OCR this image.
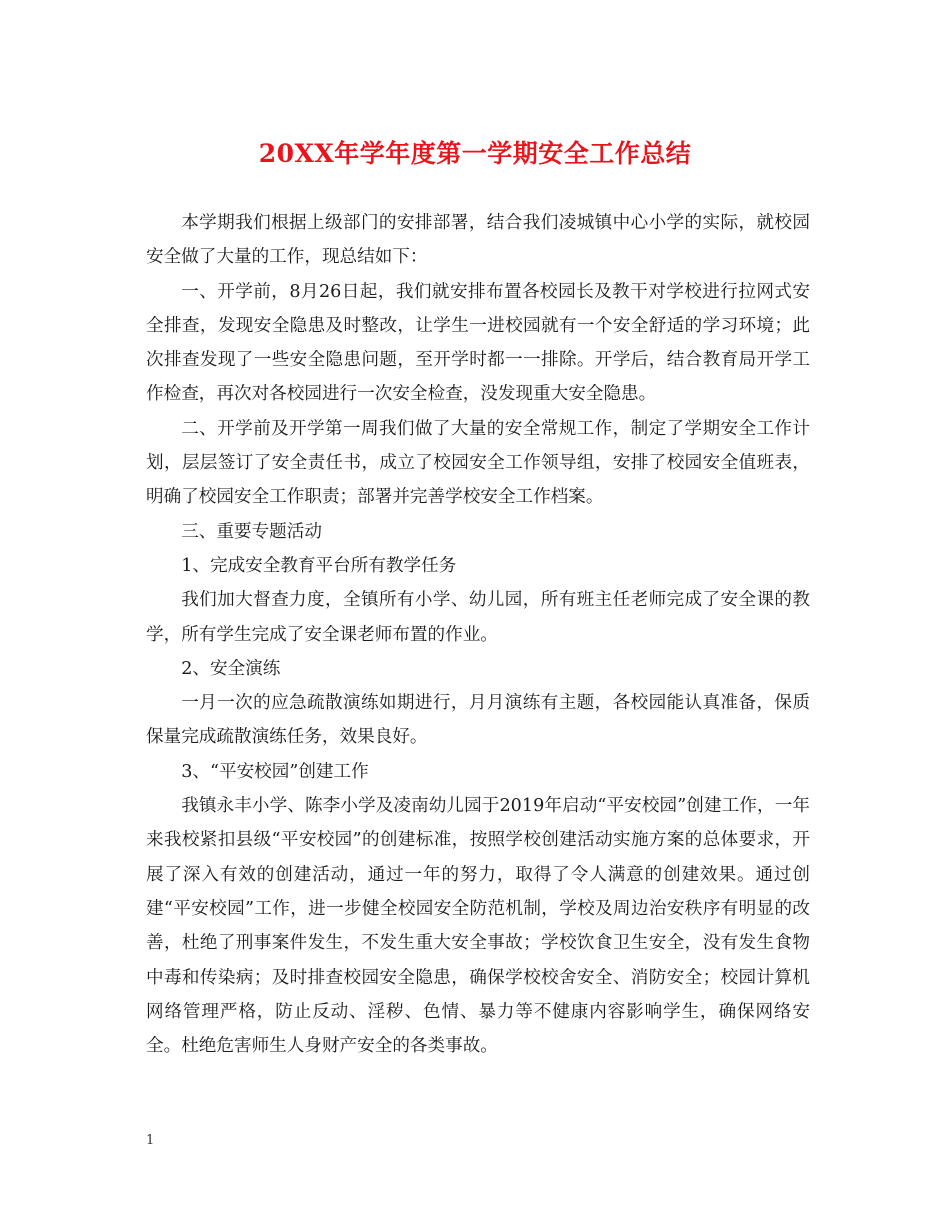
20XX年学年度第一学期安全工作总结

本学期我们根据上级部门的安排部署，结合我们凌城镇中心小学的实际，就校园安全做了大量的工作，现总结如下：

一、开学前，8月26日起，我们就安排布置各校园长及教干对学校进行拉网式安全排查，发现安全隐患及时整改，让学生一进校园就有一个安全舒适的学习环境；此次排查发现了一些安全隐患问题，至开学时都一一排除。开学后，结合教育局开学工作检查，再次对各校园进行一次安全检查，没发现重大安全隐患。

二、开学前及开学第一周我们做了大量的安全常规工作，制定了学期安全工作计划，层层签订了安全责任书，成立了校园安全工作领导组，安排了校园安全值班表，明确了校园安全工作职责；部署并完善学校安全工作档案。

三、重要专题活动

1、完成安全教育平台所有教学任务

我们加大督查力度，全镇所有小学、幼儿园，所有班主任老师完成了安全课的教学，所有学生完成了安全课老师布置的作业。

2、安全演练

一月一次的应急疏散演练如期进行，月月演练有主题，各校园能认真准备，保质保量完成疏散演练任务，效果良好。

3、“平安校园”创建工作

我镇永丰小学、陈李小学及凌南幼儿园于2019年启动“平安校园”创建工作，一年来我校紧扣县级“平安校园”的创建标准，按照学校创建活动实施方案的总体要求，开展了深入有效的创建活动，通过一年的努力，取得了令人满意的创建效果。通过创建“平安校园”工作，进一步健全校园安全防范机制，学校及周边治安秩序有明显的改善，杜绝了刑事案件发生，不发生重大安全事故；学校饮食卫生安全，没有发生食物中毒和传染病；及时排查校园安全隐患，确保学校校舍安全、消防安全；校园计算机网络管理严格，防止反动、淫秽、色情、暴力等不健康内容影响学生，确保网络安全。杜绝危害师生人身财产安全的各类事故。

1
